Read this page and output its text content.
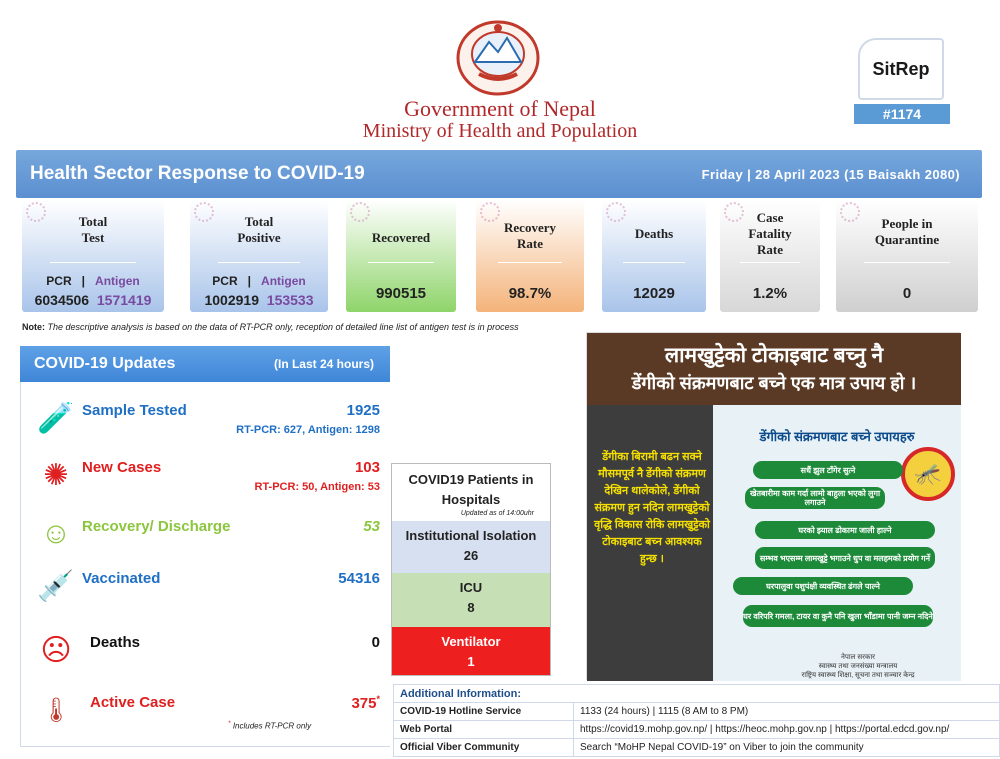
Government of Nepal
Ministry of Health and Population
SitRep
#1174
Health Sector Response to COVID-19	Friday | 28 April 2023 (15 Baisakh 2080)
Total
Test
PCR | Antigen
6034506 1571419
Total
Positive
PCR | Antigen
1002919 153533
Recovered
990515
Recovery
Rate
98.7%
Deaths
12029
Case
Fatality
Rate
1.2%
People in
Quarantine
0
Note: The descriptive analysis is based on the data of RT-PCR only, reception of detailed line list of antigen test is in process
COVID-19 Updates	(In Last 24 hours)
🧪 Sample Tested	1925
RT-PCR: 627, Antigen: 1298
✺ New Cases	103
RT-PCR: 50, Antigen: 53
☺ Recovery/ Discharge	53
💉 Vaccinated	54316
☹ Deaths	0
🌡	Active Case	375*
* Includes RT-PCR only
COVID19 Patients in Hospitals
Updated as of 14:00uhr
Institutional Isolation
26
ICU
8
Ventilator
1
लामखुट्टेको टोकाइबाट बच्नु नै
डेंगीको संक्रमणबाट बच्ने एक मात्र उपाय हो ।
डेंगीका बिरामी बढन सक्ने मौसमपूर्व नै डेंगीको संक्रमण देखिन थालेकोले, डेंगीको संक्रमण हुन नदिन लामखुट्टेको वृद्धि विकास रोकि लामखुट्टेको टोकाइबाट बच्न आवश्यक हुन्छ ।
डेंगीको संक्रमणबाट बच्ने उपायहरु
🦟
सधैं झुल टाँगेर सुत्ने
खेतबारीमा काम गर्दा लामो बाहुला भएको लुगा लगाउने
घरको झ्याल ढोकामा जाली हाल्ने
सम्भव भएसम्म लामखुट्टे भगाउने धुप वा मलहमको प्रयोग गर्ने
घरपालुवा पशुपंक्षी व्यवस्थित ढंगले पाल्ने
घर वरिपरि गमला, टायर वा कुनै पनि खुला भाँडामा पानी जम्न नदिने
नेपाल सरकार
स्वास्थ्य तथा जनसंख्या मन्त्रालय
राष्ट्रिय स्वास्थ्य शिक्षा, सूचना तथा सञ्चार केन्द्र
Additional Information:	
COVID-19 Hotline Service	1133 (24 hours) | 1115 (8 AM to 8 PM)
Web Portal	https://covid19.mohp.gov.np/ | https://heoc.mohp.gov.np | https://portal.edcd.gov.np/
Official Viber Community	Search “MoHP Nepal COVID-19” on Viber to join the community
